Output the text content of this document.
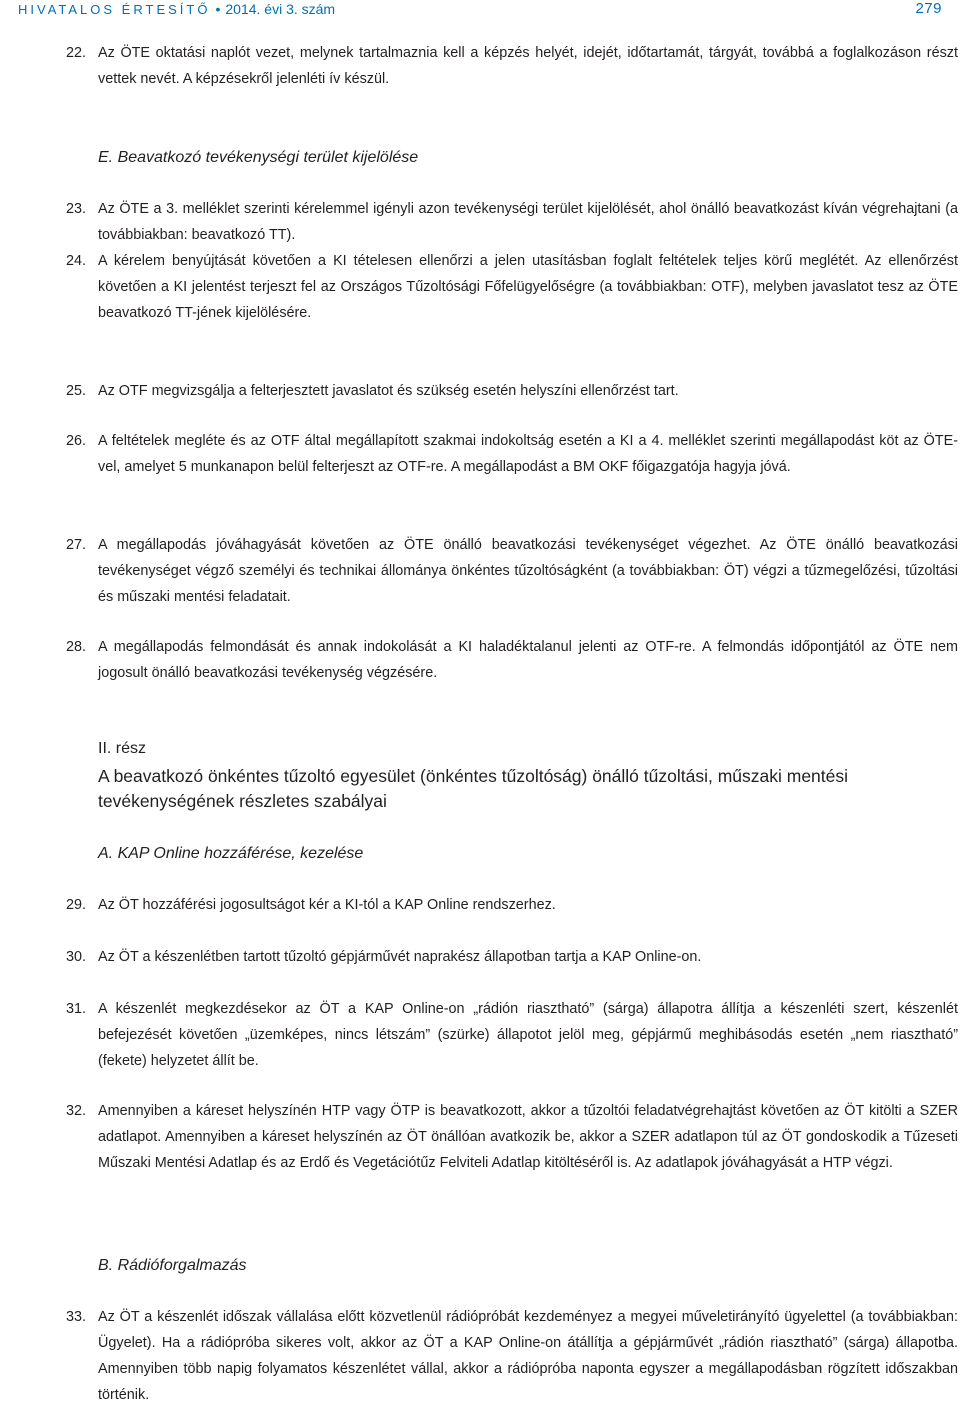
HIVATALOS ÉRTESÍTŐ • 2014. évi 3. szám	279
22. Az ÖTE oktatási naplót vezet, melynek tartalmaznia kell a képzés helyét, idejét, időtartamát, tárgyát, továbbá a foglalkozáson részt vettek nevét. A képzésekről jelenléti ív készül.
E. Beavatkozó tevékenységi terület kijelölése
23. Az ÖTE a 3. melléklet szerinti kérelemmel igényli azon tevékenységi terület kijelölését, ahol önálló beavatkozást kíván végrehajtani (a továbbiakban: beavatkozó TT).
24. A kérelem benyújtását követően a KI tételesen ellenőrzi a jelen utasításban foglalt feltételek teljes körű meglétét. Az ellenőrzést követően a KI jelentést terjeszt fel az Országos Tűzoltósági Főfelügyelőségre (a továbbiakban: OTF), melyben javaslatot tesz az ÖTE beavatkozó TT-jének kijelölésére.
25. Az OTF megvizsgálja a felterjesztett javaslatot és szükség esetén helyszíni ellenőrzést tart.
26. A feltételek megléte és az OTF által megállapított szakmai indokoltság esetén a KI a 4. melléklet szerinti megállapodást köt az ÖTE-vel, amelyet 5 munkanapon belül felterjeszt az OTF-re. A megállapodást a BM OKF főigazgatója hagyja jóvá.
27. A megállapodás jóváhagyását követően az ÖTE önálló beavatkozási tevékenységet végezhet. Az ÖTE önálló beavatkozási tevékenységet végző személyi és technikai állománya önkéntes tűzoltóságként (a továbbiakban: ÖT) végzi a tűzmegelőzési, tűzoltási és műszaki mentési feladatait.
28. A megállapodás felmondását és annak indokolását a KI haladéktalanul jelenti az OTF-re. A felmondás időpontjától az ÖTE nem jogosult önálló beavatkozási tevékenység végzésére.
II. rész
A beavatkozó önkéntes tűzoltó egyesület (önkéntes tűzoltóság) önálló tűzoltási, műszaki mentési tevékenységének részletes szabályai
A. KAP Online hozzáférése, kezelése
29. Az ÖT hozzáférési jogosultságot kér a KI-tól a KAP Online rendszerhez.
30. Az ÖT a készenlétben tartott tűzoltó gépjárművét naprakész állapotban tartja a KAP Online-on.
31. A készenlét megkezdésekor az ÖT a KAP Online-on „rádión riasztható” (sárga) állapotra állítja a készenléti szert, készenlét befejezését követően „üzemképes, nincs létszám” (szürke) állapotot jelöl meg, gépjármű meghibásodás esetén „nem riasztható” (fekete) helyzetet állít be.
32. Amennyiben a káreset helyszínén HTP vagy ÖTP is beavatkozott, akkor a tűzoltói feladatvégrehajtást követően az ÖT kitölti a SZER adatlapot. Amennyiben a káreset helyszínén az ÖT önállóan avatkozik be, akkor a SZER adatlapon túl az ÖT gondoskodik a Tűzeseti Műszaki Mentési Adatlap és az Erdő és Vegetációtűz Felviteli Adatlap kitöltéséről is. Az adatlapok jóváhagyását a HTP végzi.
B. Rádióforgalmazás
33. Az ÖT a készenlét időszak vállalása előtt közvetlenül rádiópróbát kezdeményez a megyei műveletirányító ügyelettel (a továbbiakban: Ügyelet). Ha a rádiópróba sikeres volt, akkor az ÖT a KAP Online-on átállítja a gépjárművét „rádión riasztható” (sárga) állapotba. Amennyiben több napig folyamatos készenlétet vállal, akkor a rádiópróba naponta egyszer a megállapodásban rögzített időszakban történik.
